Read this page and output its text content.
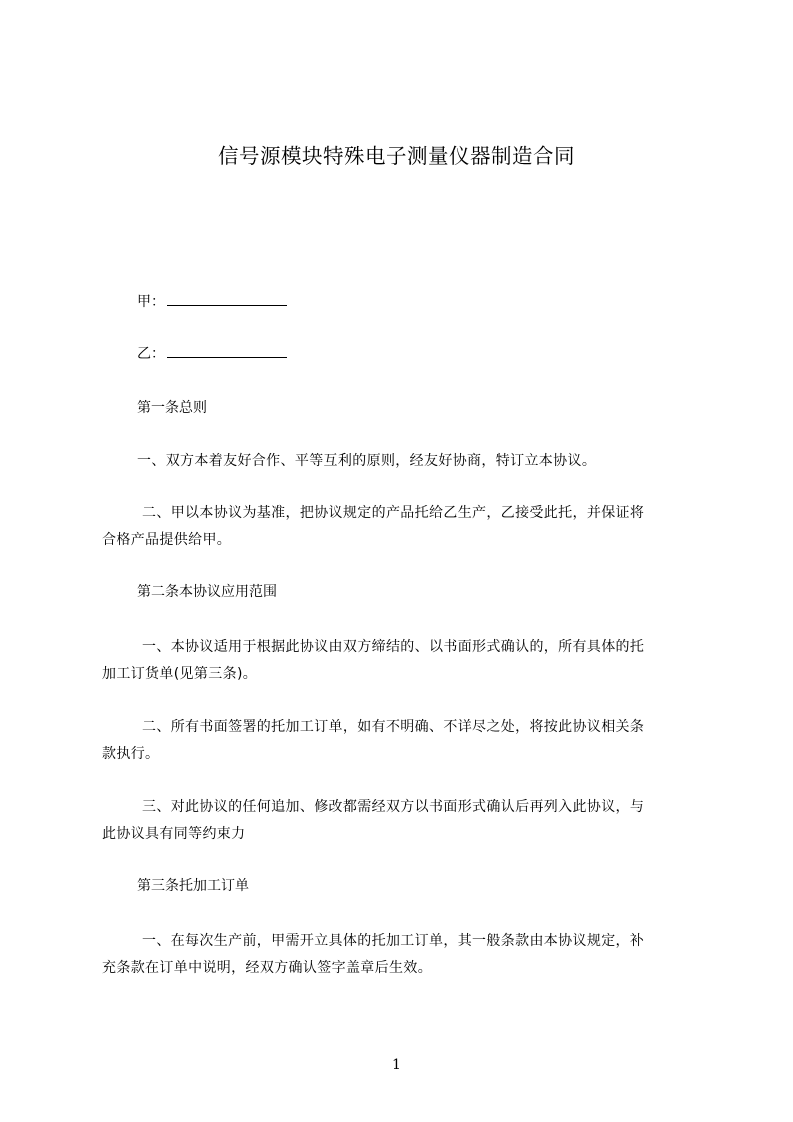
信号源模块特殊电子测量仪器制造合同
甲：
乙：
第一条总则
一、双方本着友好合作、平等互利的原则，经友好协商，特订立本协议。
二、甲以本协议为基准，把协议规定的产品托给乙生产，乙接受此托，并保证将
合格产品提供给甲。
第二条本协议应用范围
一、本协议适用于根据此协议由双方缔结的、以书面形式确认的，所有具体的托
加工订货单(见第三条)。
二、所有书面签署的托加工订单，如有不明确、不详尽之处，将按此协议相关条
款执行。
三、对此协议的任何追加、修改都需经双方以书面形式确认后再列入此协议，与
此协议具有同等约束力
第三条托加工订单
一、在每次生产前，甲需开立具体的托加工订单，其一般条款由本协议规定，补
充条款在订单中说明，经双方确认签字盖章后生效。
1
